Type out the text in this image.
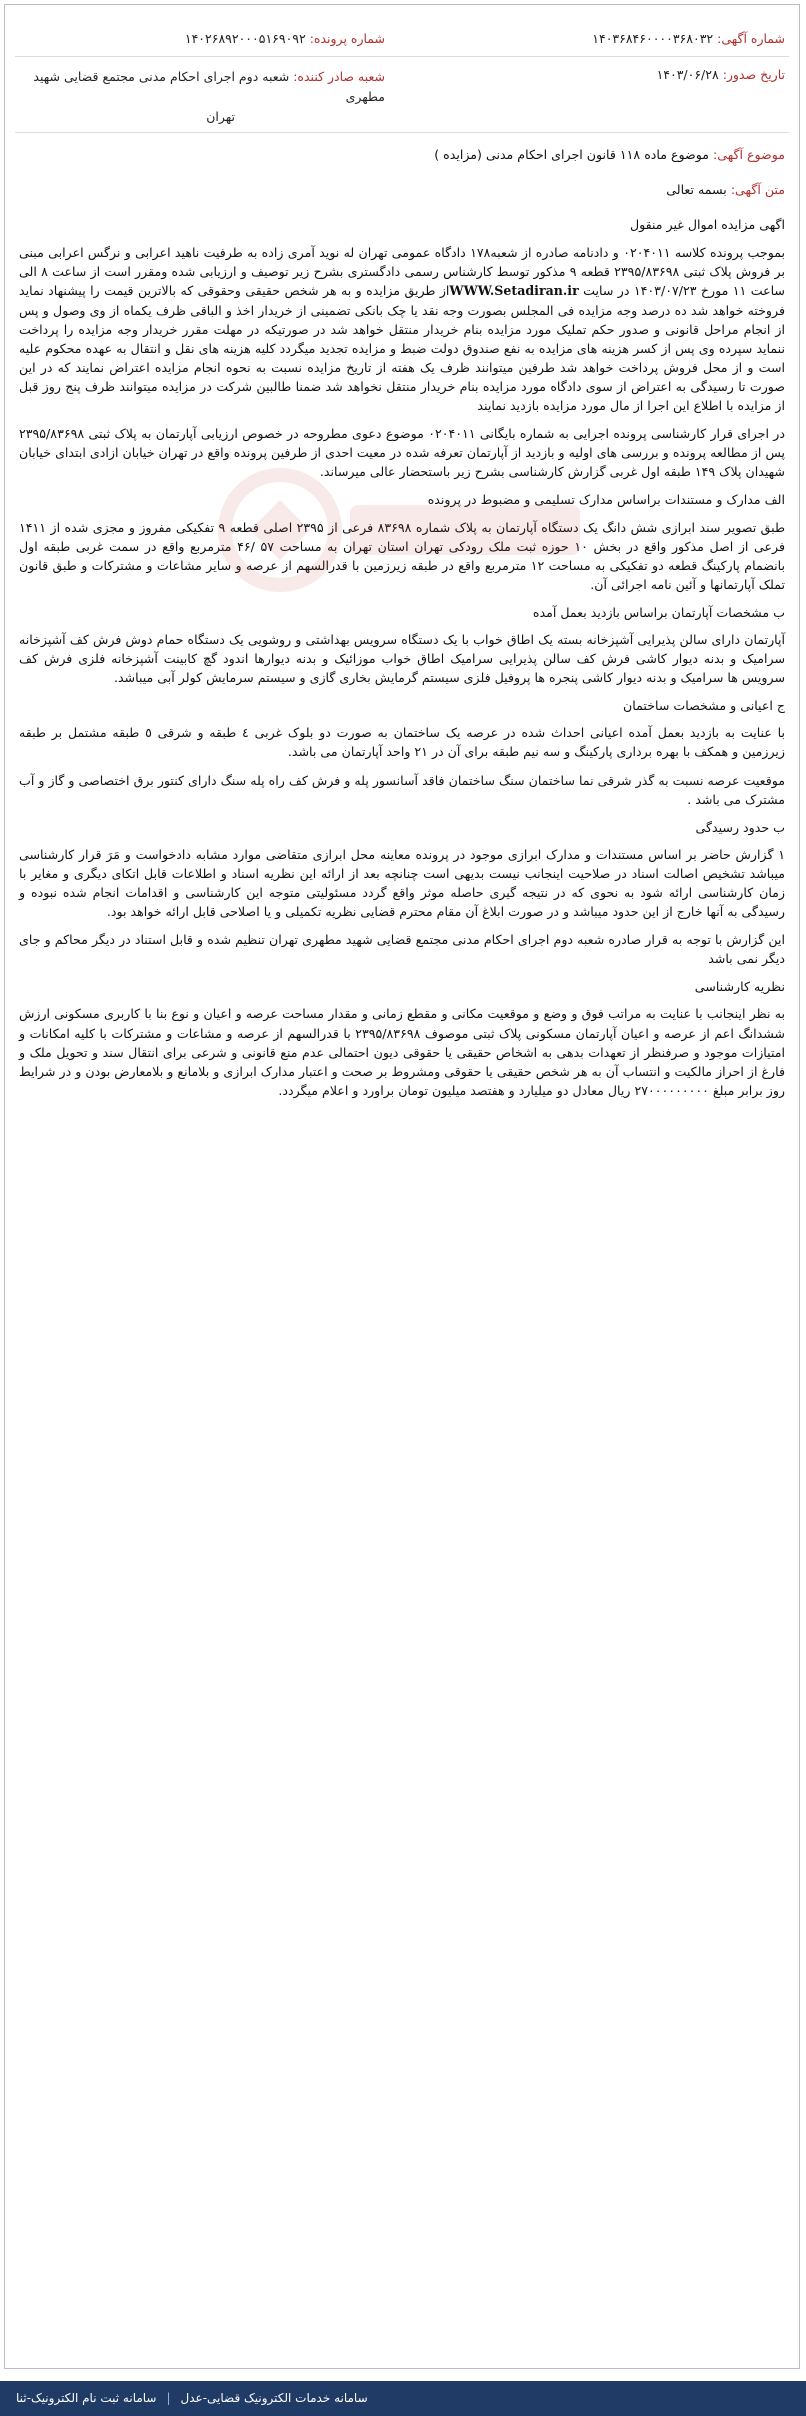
شماره آگهی: ۱۴۰۳۶۸۴۶۰۰۰۰۳۶۸۰۳۲
شماره پرونده: ۱۴۰۲۶۸۹۲۰۰۰۵۱۶۹۰۹۲
تاریخ صدور: ۱۴۰۳/۰۶/۲۸
شعبه صادر کننده: شعبه دوم اجرای احکام مدنی مجتمع قضایی شهید مطهری
تهران

موضوع آگهی: موضوع ماده ۱۱۸ قانون اجرای احکام مدنی (مزایده )

متن آگهی: بسمه تعالی

اگهی مزایده اموال غیر منقول

بموجب پرونده کلاسه ۰۲۰۴۰۱۱ و دادنامه صادره از شعبه۱۷۸ دادگاه عمومی تهران له نوید آمری زاده به طرفیت ناهید اعرابی و نرگس اعرابی مبنی بر فروش پلاک ثبتی ۲۳۹۵/۸۳۶۹۸ قطعه ۹ مذکور توسط کارشناس رسمی دادگستری بشرح زیر توصیف و ارزیابی شده ومقرر است از ساعت ۸ الی ساعت ۱۱ مورخ ۱۴۰۳/۰۷/۲۳ در سایت WWW.Setadiran.irاز طریق مزایده و به هر شخص حقیقی وحقوقی که بالاترین قیمت را پیشنهاد نماید فروخته خواهد شد ده درصد وجه مزایده فی المجلس بصورت وجه نقد یا چک بانکی تضمینی از خریدار اخذ و الباقی ظرف یکماه از وی وصول و پس از انجام مراحل قانونی و صدور حکم تملیک مورد مزایده بنام خریدار منتقل خواهد شد در صورتیکه در مهلت مقرر خریدار وجه مزایده را پرداخت ننماید سپرده وی پس از کسر هزینه های مزایده به نفع صندوق دولت ضبط و مزایده تجدید میگردد کلیه هزینه های نقل و انتقال به عهده محکوم علیه است و از محل فروش پرداخت خواهد شد طرفین میتوانند ظرف یک هفته از تاریخ مزایده نسبت به نحوه انجام مزایده اعتراض نمایند که در این صورت تا رسیدگی به اعتراض از سوی دادگاه مورد مزایده بنام خریدار منتقل نخواهد شد ضمنا طالبین شرکت در مزایده میتوانند ظرف پنج روز قبل از مزایده با اطلاع این اجرا از مال مورد مزایده بازدید نمایند

در اجرای قرار کارشناسی پرونده اجرایی به شماره بایگانی ۰۲۰۴۰۱۱ موضوع دعوی مطروحه در خصوص ارزیابی آپارتمان به پلاک ثبتی ۲۳۹۵/۸۳۶۹۸ پس از مطالعه پرونده و بررسی های اولیه و بازدید از آپارتمان تعرفه شده در معیت احدی از طرفین پرونده واقع در تهران خیابان ازادی ابتدای خیابان شهیدان پلاک ۱۴۹ طبقه اول غربی گزارش کارشناسی بشرح زیر باستحضار عالی میرساند.

الف مدارک و مستندات براساس مدارک تسلیمی و مضبوط در پرونده

طبق تصویر سند ابرازی شش دانگ یک دستگاه آپارتمان به پلاک شماره ۸۳۶۹۸ فرعی از ۲۳۹۵ اصلی قطعه ۹ تفکیکی مفروز و مجزی شده از ۱۴۱۱ فرعی از اصل مذکور واقع در بخش ۱۰ حوزه ثبت ملک رودکی تهران استان تهران به مساحت ۵۷ /۴۶ مترمربع واقع در سمت غربی طبقه اول بانضمام پارکینگ قطعه دو تفکیکی به مساحت ۱۲ مترمربع واقع در طبقه زیرزمین با قدرالسهم از عرصه و سایر مشاعات و مشترکات و طبق قانون تملک آپارتمانها و آئین نامه اجرائی آن.

ب مشخصات آپارتمان براساس بازدید بعمل آمده

آپارتمان دارای سالن پذیرایی آشپزخانه بسته یک اطاق خواب با یک دستگاه سرویس بهداشتی و روشویی یک دستگاه حمام دوش فرش کف آشپزخانه سرامیک و بدنه دیوار کاشی فرش کف سالن پذیرایی سرامیک اطاق خواب موزائیک و بدنه دیوارها اندود گچ کابینت آشپزخانه فلزی فرش کف سرویس ها سرامیک و بدنه دیوار کاشی پنجره ها پروفیل فلزی سیستم گرمایش بخاری گازی و سیستم سرمایش کولر آبی میباشد.

ج اعیانی و مشخصات ساختمان

با عنایت به بازدید بعمل آمده اعیانی احداث شده در عرصه یک ساختمان به صورت دو بلوک غربی ٤ طبقه و شرقی ٥ طبقه مشتمل بر طبقه زیرزمین و همکف با بهره برداری پارکینگ و سه نیم طبقه برای آن در ۲۱ واحد آپارتمان می باشد.

موقعیت عرصه نسبت به گذر شرقی نما ساختمان سنگ ساختمان فاقد آسانسور پله و فرش کف راه پله سنگ دارای کنتور برق اختصاصی و گاز و آب مشترک می باشد .

ب حدود رسیدگی

۱ گزارش حاضر بر اساس مستندات و مدارک ابرازی موجود در پرونده معاینه محل ابرازی متقاضی موارد مشابه دادخواست و مَرَ قرار کارشناسی میباشد تشخیص اصالت اسناد در صلاحیت اینجانب نیست بدیهی است چنانچه بعد از ارائه این نظریه اسناد و اطلاعات قابل اتکای دیگری و مغایر با زمان کارشناسی ارائه شود به نحوی که در نتیجه گیری حاصله موثر واقع گردد مسئولیتی متوجه این کارشناسی و اقدامات انجام شده نبوده و رسیدگی به آنها خارج از این حدود میباشد و در صورت ابلاغ آن مقام محترم قضایی نظریه تکمیلی و یا اصلاحی قابل ارائه خواهد بود.

این گزارش با توجه به قرار صادره شعبه دوم اجرای احکام مدنی مجتمع قضایی شهید مطهری تهران تنظیم شده و قابل استناد در دیگر محاکم و جای دیگر نمی باشد

نظریه کارشناسی

به نظر اینجانب با عنایت به مراتب فوق و وضع و موقعیت مکانی و مقطع زمانی و مقدار مساحت عرصه و اعیان و نوع بنا با کاربری مسکونی ارزش ششدانگ اعم از عرصه و اعیان آپارتمان مسکونی پلاک ثبتی موصوف ۲۳۹۵/۸۳۶۹۸ با قدرالسهم از عرصه و مشاعات و مشترکات با کلیه امکانات و امتیازات موجود و صرفنظر از تعهدات بدهی به اشخاص حقیقی یا حقوقی دیون احتمالی عدم منع قانونی و شرعی برای انتقال سند و تحویل ملک و فارغ از احراز مالکیت و انتساب آن به هر شخص حقیقی یا حقوقی ومشروط بر صحت و اعتبار مدارک ابرازی و بلامانع و بلامعارض بودن و در شرایط روز برابر مبلغ ۲۷۰۰۰۰۰۰۰۰۰ ریال معادل دو میلیارد و هفتصد میلیون تومان براورد و اعلام میگردد.

سامانه خدمات الکترونیک قضایی-عدل
|
سامانه ثبت نام الکترونیک-ثنا
